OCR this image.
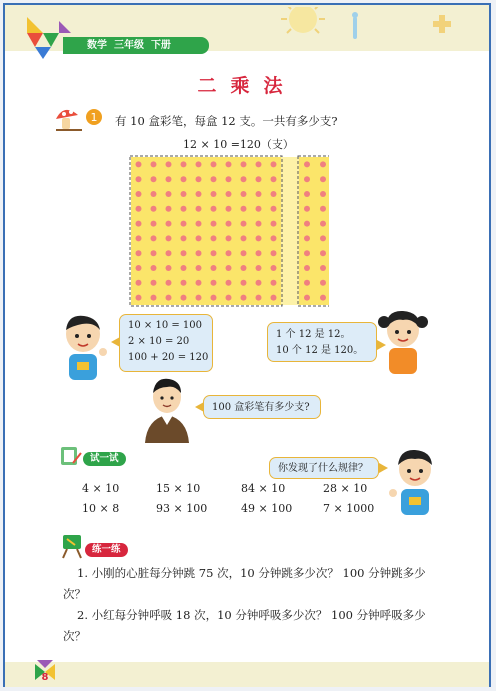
数学 三年级 下册
二乘法
1 有 10 盒彩笔，每盒 12 支。一共有多少支?
12 × 10 =120（支）
10 × 10 = 100
2 × 10 = 20
100 + 20 = 120
1 个 12 是 12。
10 个 12 是 120。
100 盒彩笔有多少支?
试一试
你发现了什么规律？
4 × 10	15 × 10	84 × 10	28 × 10
10 × 8	93 × 100	49 × 100	7 × 1000
练一练
1. 小刚的心脏每分钟跳 75 次，10 分钟跳多少次？ 100 分钟跳多少次？
2. 小红每分钟呼吸 18 次，10 分钟呼吸多少次？ 100 分钟呼吸多少次？
8
